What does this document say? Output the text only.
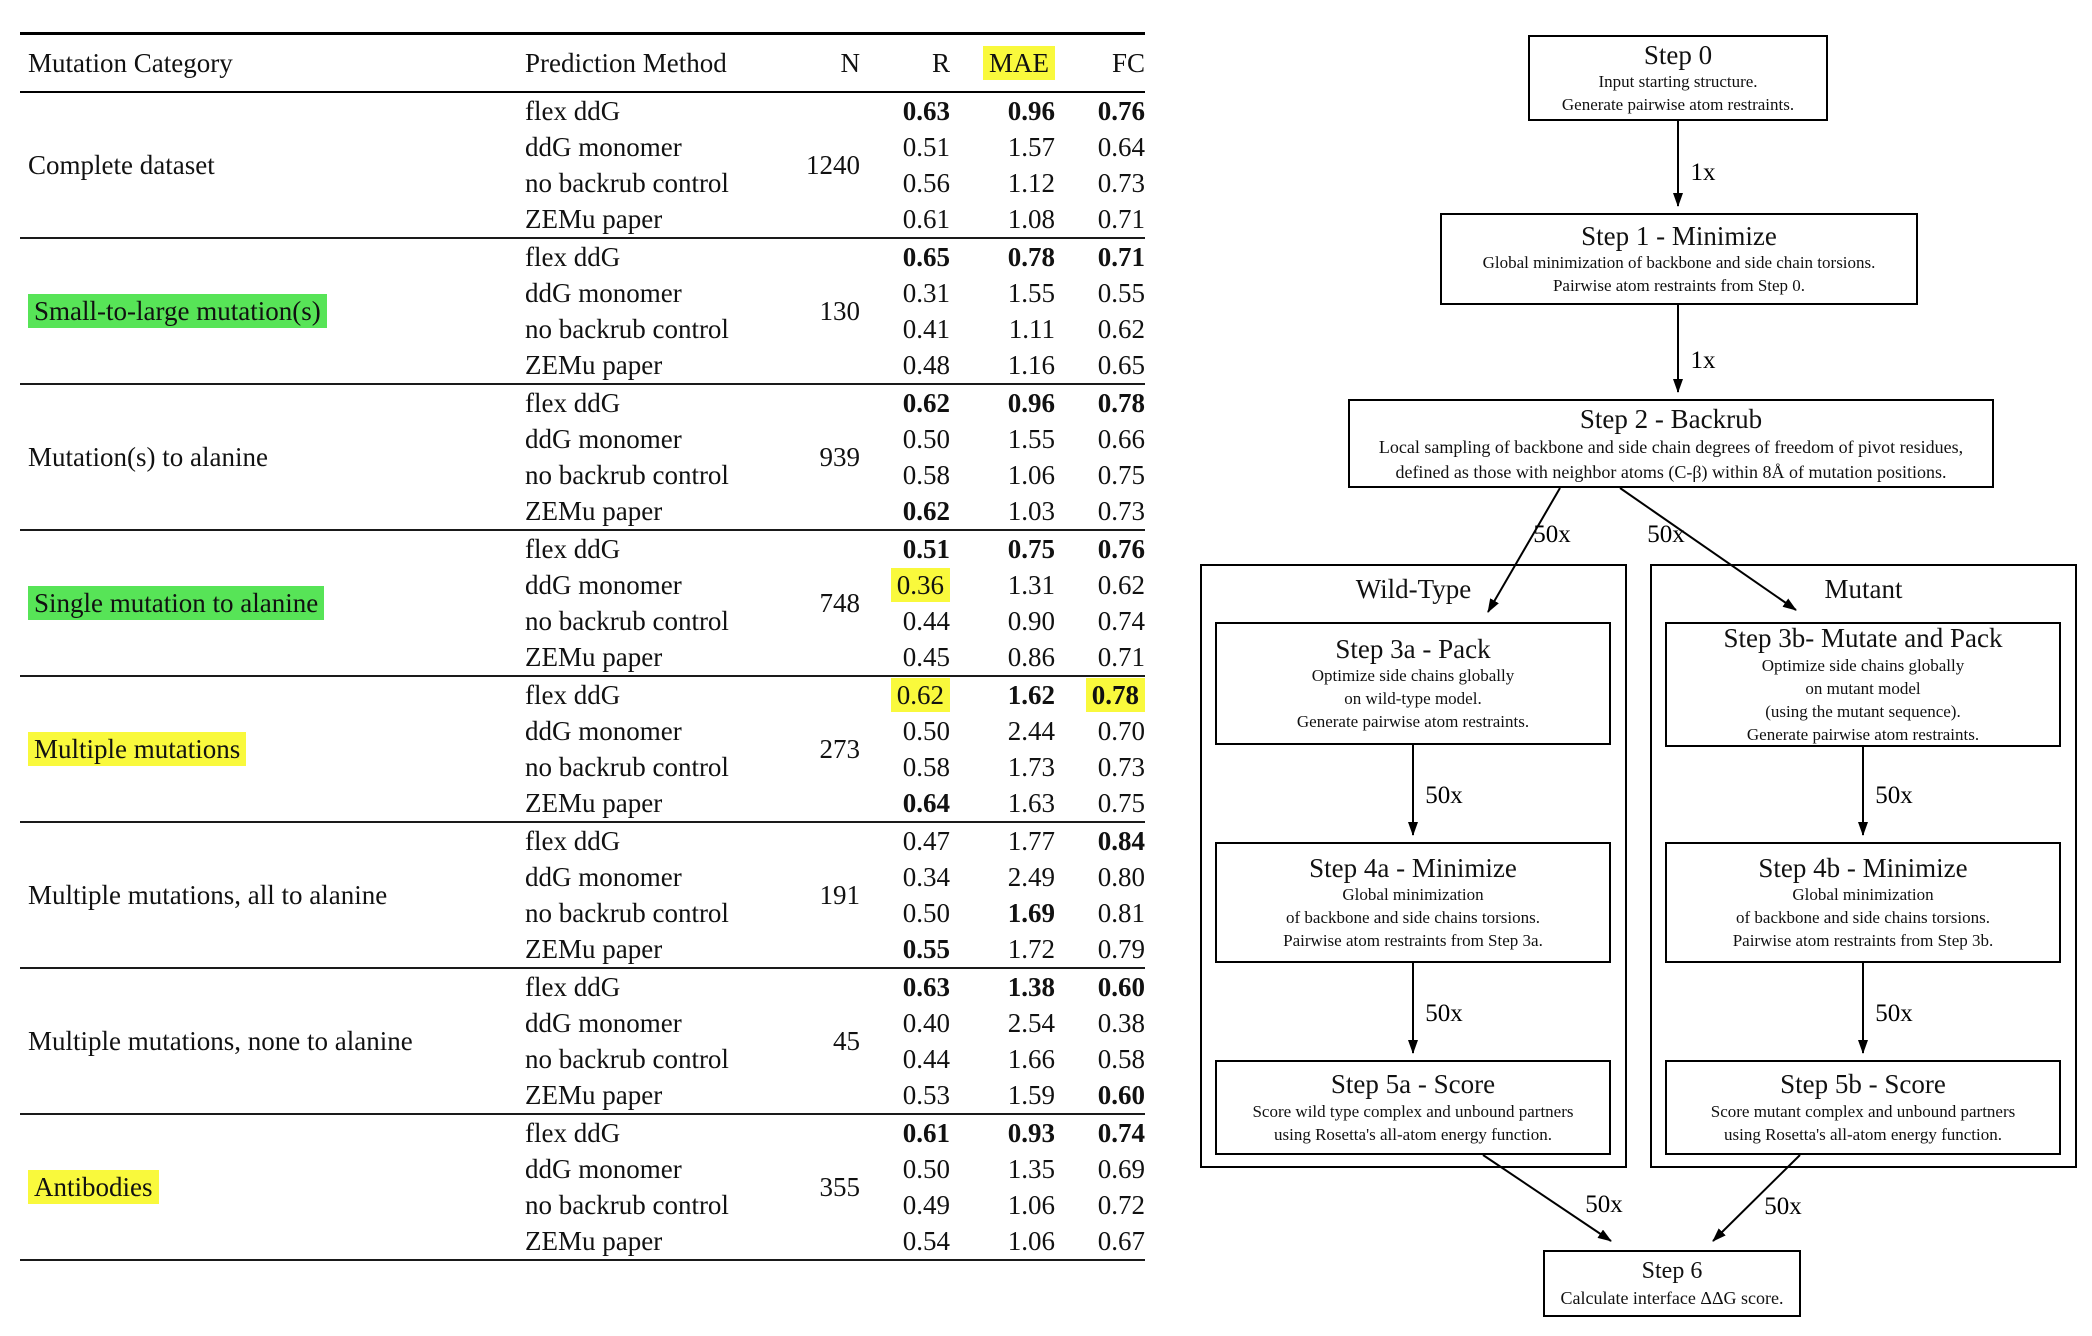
Mutation Category	Prediction Method	N	R	MAE	FC
Complete dataset	1240
flex ddG	0.63	0.96	0.76
ddG monomer	0.51	1.57	0.64
no backrub control	0.56	1.12	0.73
ZEMu paper	0.61	1.08	0.71
Small-to-large mutation(s)	130
flex ddG	0.65	0.78	0.71
ddG monomer	0.31	1.55	0.55
no backrub control	0.41	1.11	0.62
ZEMu paper	0.48	1.16	0.65
Mutation(s) to alanine	939
flex ddG	0.62	0.96	0.78
ddG monomer	0.50	1.55	0.66
no backrub control	0.58	1.06	0.75
ZEMu paper	0.62	1.03	0.73
Single mutation to alanine	748
flex ddG	0.51	0.75	0.76
ddG monomer	0.36	1.31	0.62
no backrub control	0.44	0.90	0.74
ZEMu paper	0.45	0.86	0.71
Multiple mutations	273
flex ddG	0.62	1.62	0.78
ddG monomer	0.50	2.44	0.70
no backrub control	0.58	1.73	0.73
ZEMu paper	0.64	1.63	0.75
Multiple mutations, all to alanine	191
flex ddG	0.47	1.77	0.84
ddG monomer	0.34	2.49	0.80
no backrub control	0.50	1.69	0.81
ZEMu paper	0.55	1.72	0.79
Multiple mutations, none to alanine	45
flex ddG	0.63	1.38	0.60
ddG monomer	0.40	2.54	0.38
no backrub control	0.44	1.66	0.58
ZEMu paper	0.53	1.59	0.60
Antibodies	355
flex ddG	0.61	0.93	0.74
ddG monomer	0.50	1.35	0.69
no backrub control	0.49	1.06	0.72
ZEMu paper	0.54	1.06	0.67
Wild-Type	Mutant
Step 0
Input starting structure.
Generate pairwise atom restraints.
Step 1 - Minimize
Global minimization of backbone and side chain torsions.
Pairwise atom restraints from Step 0.
Step 2 - Backrub
Local sampling of backbone and side chain degrees of freedom of pivot residues,
defined as those with neighbor atoms (C-β) within 8Å of mutation positions.
Step 3a - Pack
Optimize side chains globally
on wild-type model.
Generate pairwise atom restraints.
Step 3b- Mutate and Pack
Optimize side chains globally
on mutant model
(using the mutant sequence).
Generate pairwise atom restraints.
Step 4a - Minimize
Global minimization
of backbone and side chains torsions.
Pairwise atom restraints from Step 3a.
Step 4b - Minimize
Global minimization
of backbone and side chains torsions.
Pairwise atom restraints from Step 3b.
Step 5a - Score
Score wild type complex and unbound partners
using Rosetta's all-atom energy function.
Step 5b - Score
Score mutant complex and unbound partners
using Rosetta's all-atom energy function.
Step 6
Calculate interface ΔΔG score.
1x
1x
50x	50x
50x
50x
50x
50x
50x	50x
